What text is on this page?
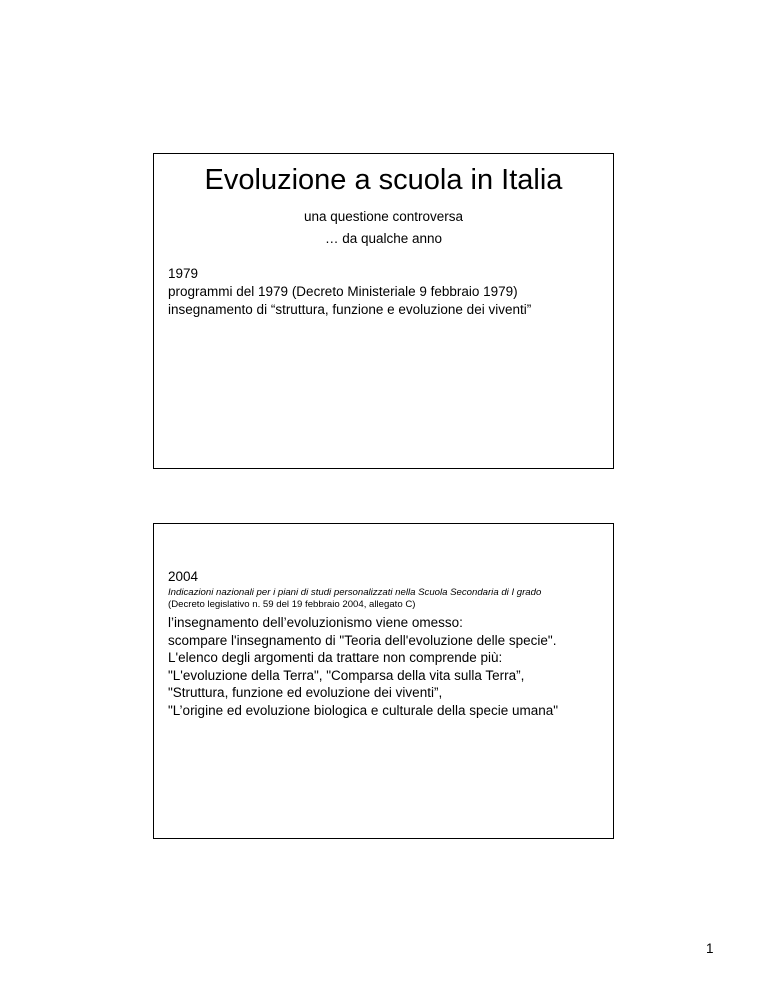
Evoluzione a scuola in Italia
una questione controversa
… da qualche anno
1979
programmi del 1979 (Decreto Ministeriale 9 febbraio 1979)
insegnamento di “struttura, funzione e evoluzione dei viventi”
2004
Indicazioni nazionali per i piani di studi personalizzati nella Scuola Secondaria di I grado
(Decreto legislativo n. 59 del 19 febbraio 2004, allegato C)
l’insegnamento dell’evoluzionismo viene omesso:
scompare l'insegnamento di "Teoria dell'evoluzione delle specie".
L'elenco degli argomenti da trattare non comprende più:
"L'evoluzione della Terra", "Comparsa della vita sulla Terra”,
"Struttura, funzione ed evoluzione dei viventi”,
"L’origine ed evoluzione biologica e culturale della specie umana"
1
